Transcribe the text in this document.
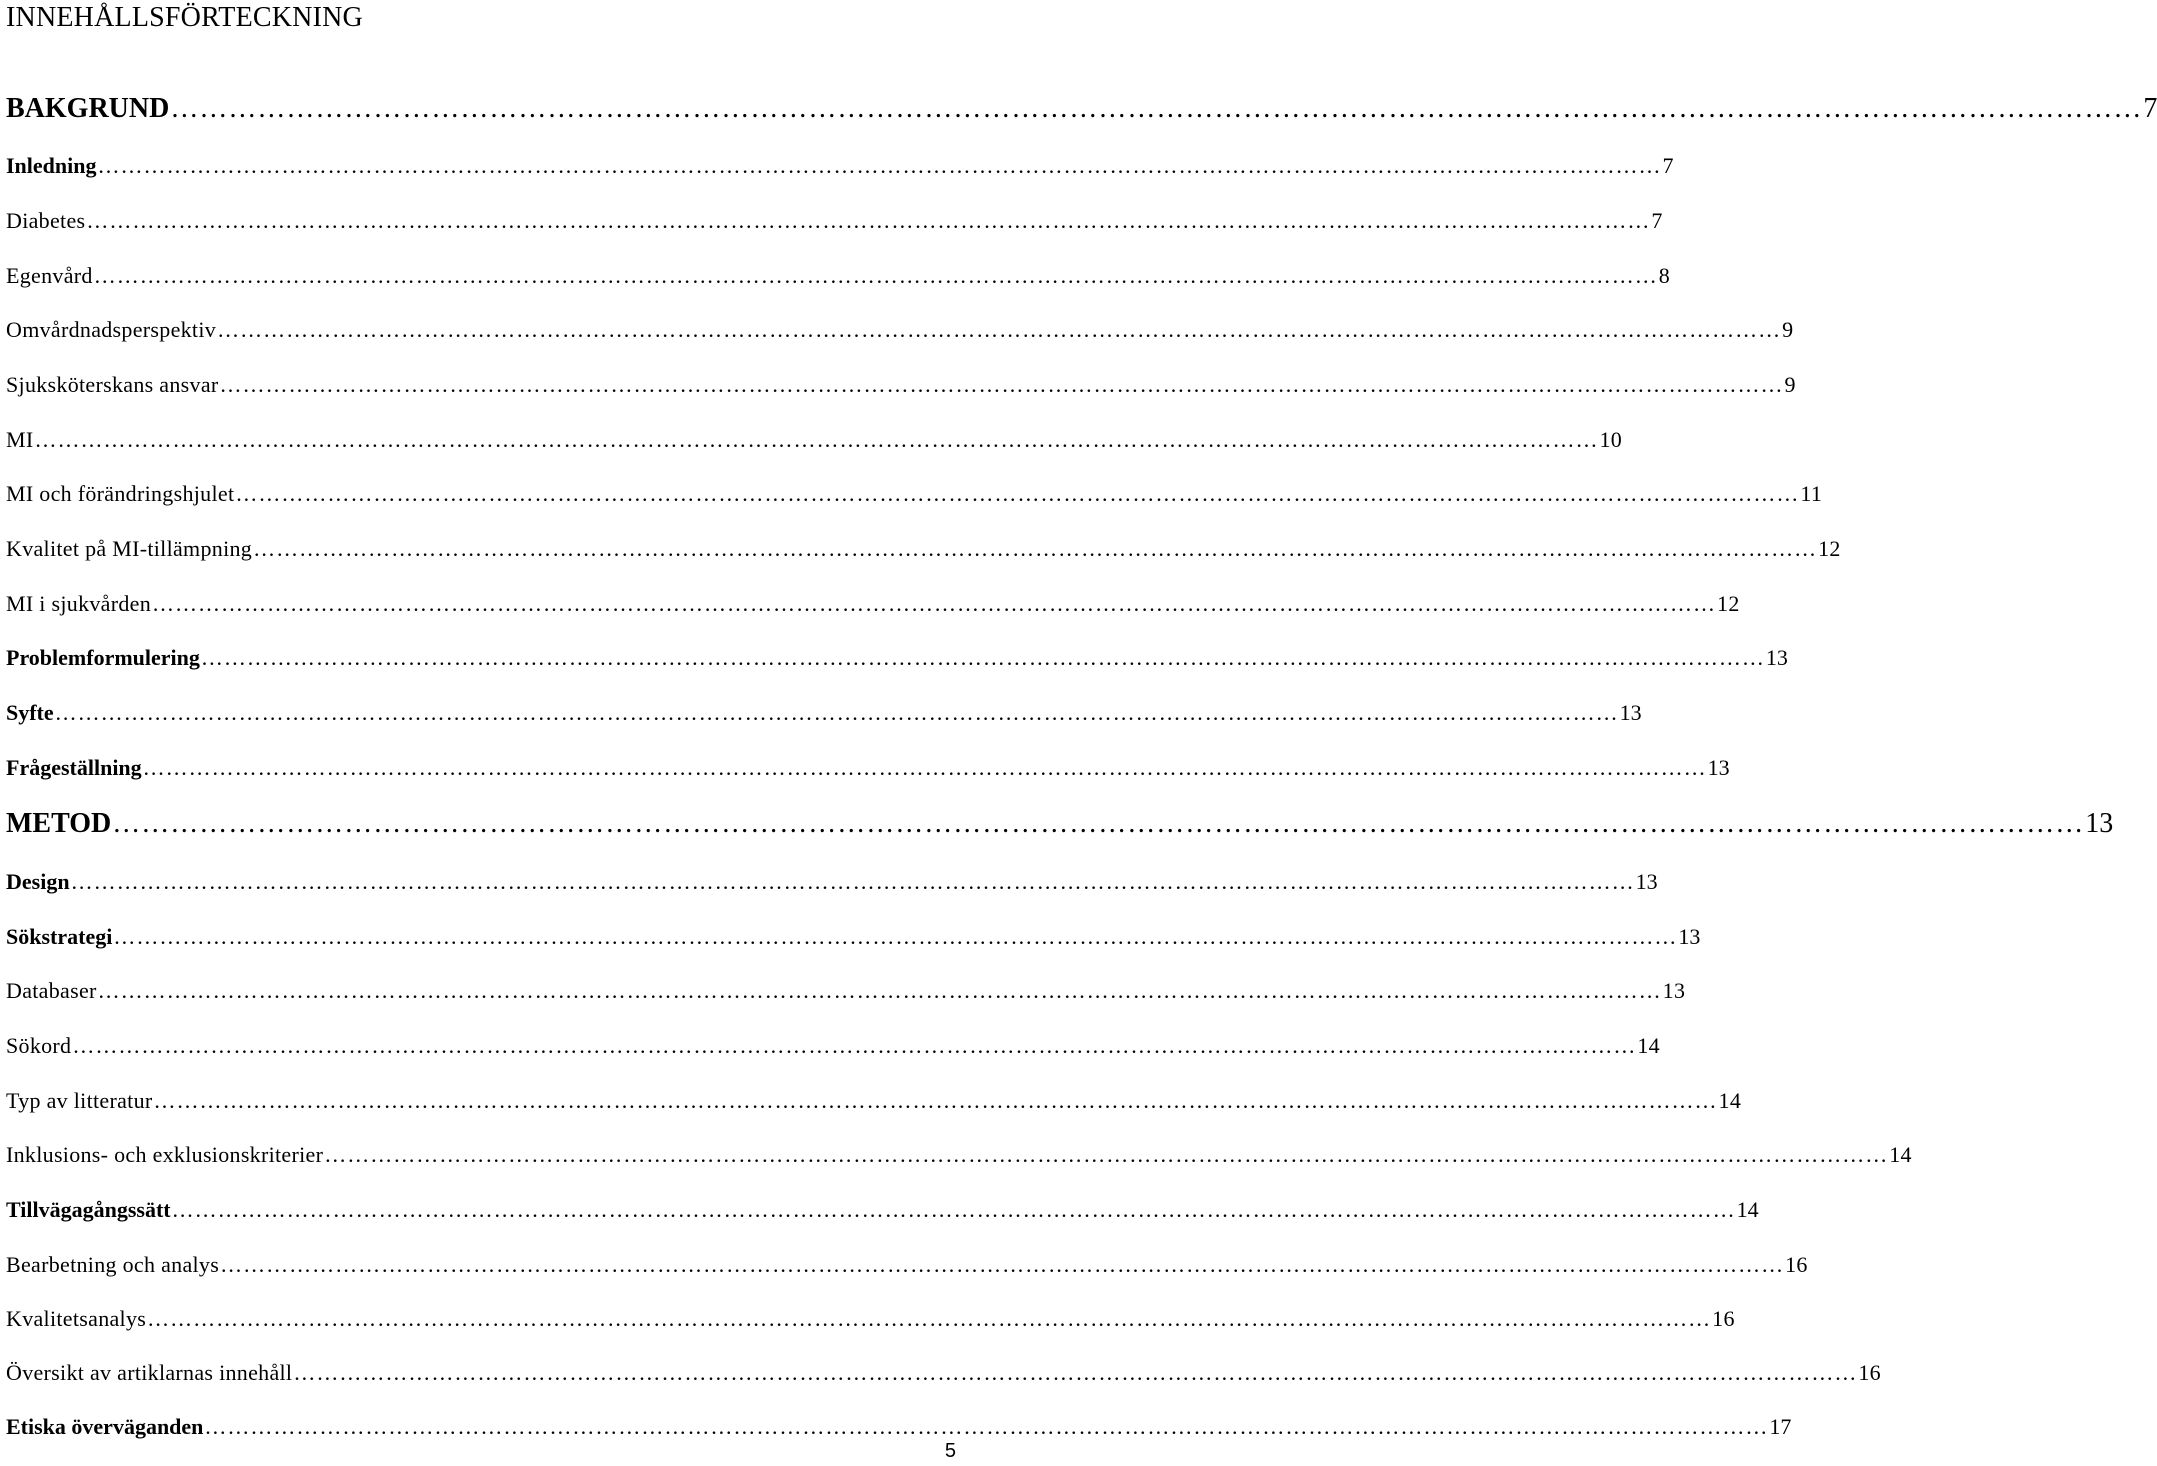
INNEHÅLLSFÖRTECKNING
BAKGRUND …………………………………………………………………………………………………………………………………………………………………………………… 7
Inledning …………………………………………………………………………………………………………………………………………………………………………………… 7
Diabetes …………………………………………………………………………………………………………………………………………………………………………………… 7
Egenvård …………………………………………………………………………………………………………………………………………………………………………………… 8
Omvårdnadsperspektiv …………………………………………………………………………………………………………………………………………………………………………………… 9
Sjuksköterskans ansvar …………………………………………………………………………………………………………………………………………………………………………………… 9
MI …………………………………………………………………………………………………………………………………………………………………………………… 10
MI och förändringshjulet …………………………………………………………………………………………………………………………………………………………………………………… 11
Kvalitet på MI-tillämpning …………………………………………………………………………………………………………………………………………………………………………………… 12
MI i sjukvården …………………………………………………………………………………………………………………………………………………………………………………… 12
Problemformulering …………………………………………………………………………………………………………………………………………………………………………………… 13
Syfte …………………………………………………………………………………………………………………………………………………………………………………… 13
Frågeställning …………………………………………………………………………………………………………………………………………………………………………………… 13
METOD …………………………………………………………………………………………………………………………………………………………………………………… 13
Design …………………………………………………………………………………………………………………………………………………………………………………… 13
Sökstrategi …………………………………………………………………………………………………………………………………………………………………………………… 13
Databaser …………………………………………………………………………………………………………………………………………………………………………………… 13
Sökord …………………………………………………………………………………………………………………………………………………………………………………… 14
Typ av litteratur …………………………………………………………………………………………………………………………………………………………………………………… 14
Inklusions- och exklusionskriterier …………………………………………………………………………………………………………………………………………………………………………………… 14
Tillvägagångssätt …………………………………………………………………………………………………………………………………………………………………………………… 14
Bearbetning och analys …………………………………………………………………………………………………………………………………………………………………………………… 16
Kvalitetsanalys …………………………………………………………………………………………………………………………………………………………………………………… 16
Översikt av artiklarnas innehåll …………………………………………………………………………………………………………………………………………………………………………………… 16
Etiska överväganden …………………………………………………………………………………………………………………………………………………………………………………… 17
5
